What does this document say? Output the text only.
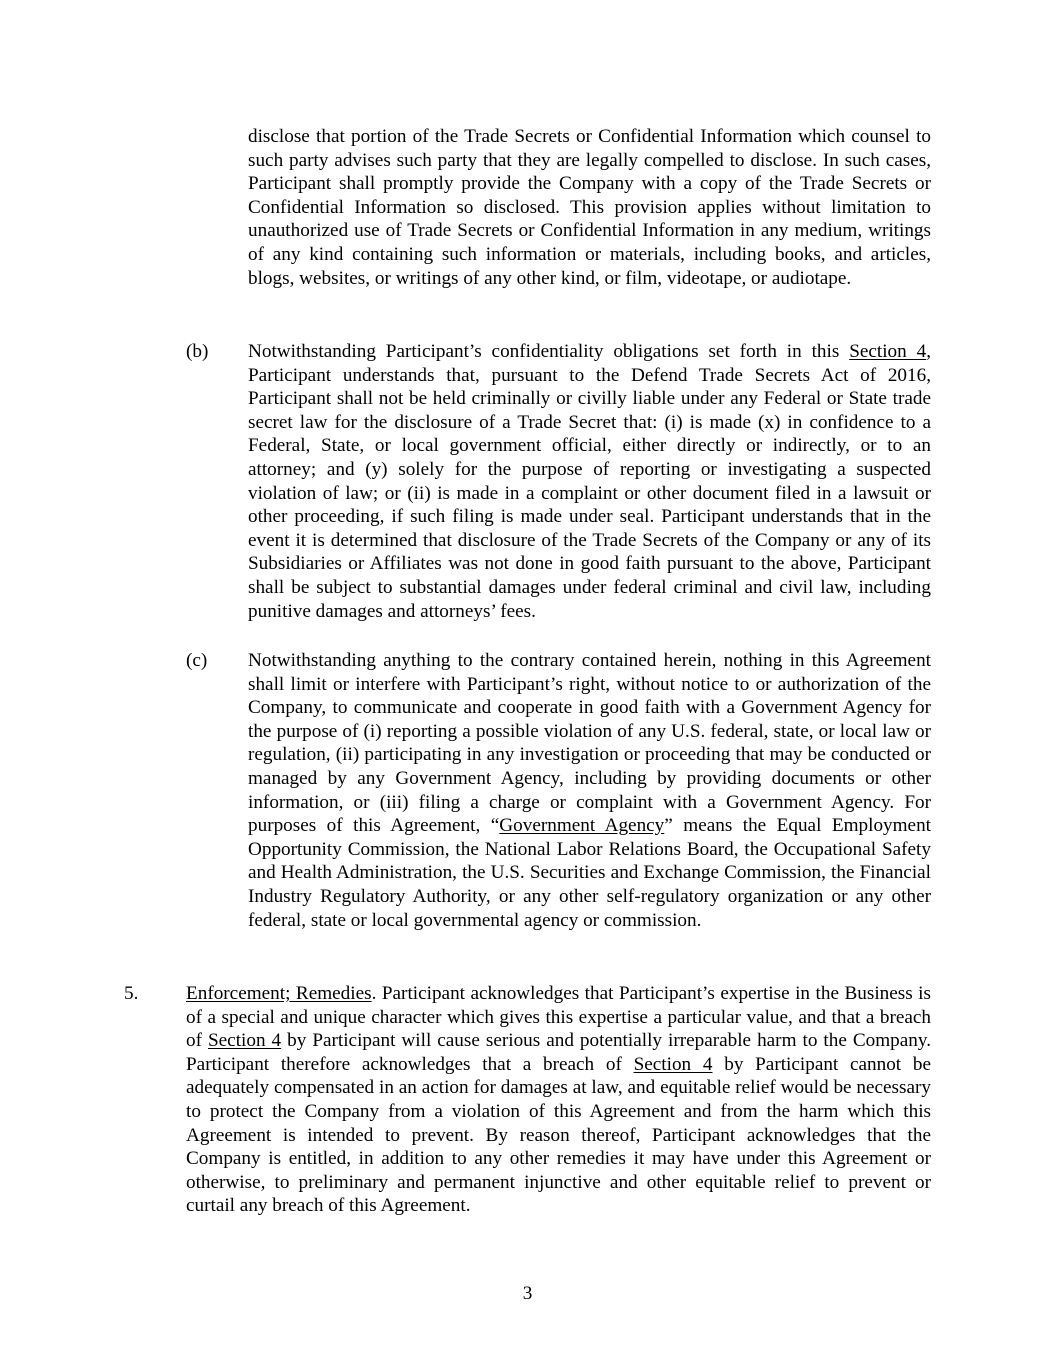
disclose that portion of the Trade Secrets or Confidential Information which counsel to such party advises such party that they are legally compelled to disclose. In such cases, Participant shall promptly provide the Company with a copy of the Trade Secrets or Confidential Information so disclosed. This provision applies without limitation to unauthorized use of Trade Secrets or Confidential Information in any medium, writings of any kind containing such information or materials, including books, and articles, blogs, websites, or writings of any other kind, or film, videotape, or audiotape.

(b) Notwithstanding Participant’s confidentiality obligations set forth in this Section 4, Participant understands that, pursuant to the Defend Trade Secrets Act of 2016, Participant shall not be held criminally or civilly liable under any Federal or State trade secret law for the disclosure of a Trade Secret that: (i) is made (x) in confidence to a Federal, State, or local government official, either directly or indirectly, or to an attorney; and (y) solely for the purpose of reporting or investigating a suspected violation of law; or (ii) is made in a complaint or other document filed in a lawsuit or other proceeding, if such filing is made under seal. Participant understands that in the event it is determined that disclosure of the Trade Secrets of the Company or any of its Subsidiaries or Affiliates was not done in good faith pursuant to the above, Participant shall be subject to substantial damages under federal criminal and civil law, including punitive damages and attorneys’ fees.

(c) Notwithstanding anything to the contrary contained herein, nothing in this Agreement shall limit or interfere with Participant’s right, without notice to or authorization of the Company, to communicate and cooperate in good faith with a Government Agency for the purpose of (i) reporting a possible violation of any U.S. federal, state, or local law or regulation, (ii) participating in any investigation or proceeding that may be conducted or managed by any Government Agency, including by providing documents or other information, or (iii) filing a charge or complaint with a Government Agency. For purposes of this Agreement, “Government Agency” means the Equal Employment Opportunity Commission, the National Labor Relations Board, the Occupational Safety and Health Administration, the U.S. Securities and Exchange Commission, the Financial Industry Regulatory Authority, or any other self-regulatory organization or any other federal, state or local governmental agency or commission.

5. Enforcement; Remedies. Participant acknowledges that Participant’s expertise in the Business is of a special and unique character which gives this expertise a particular value, and that a breach of Section 4 by Participant will cause serious and potentially irreparable harm to the Company. Participant therefore acknowledges that a breach of Section 4 by Participant cannot be adequately compensated in an action for damages at law, and equitable relief would be necessary to protect the Company from a violation of this Agreement and from the harm which this Agreement is intended to prevent. By reason thereof, Participant acknowledges that the Company is entitled, in addition to any other remedies it may have under this Agreement or otherwise, to preliminary and permanent injunctive and other equitable relief to prevent or curtail any breach of this Agreement.

3
